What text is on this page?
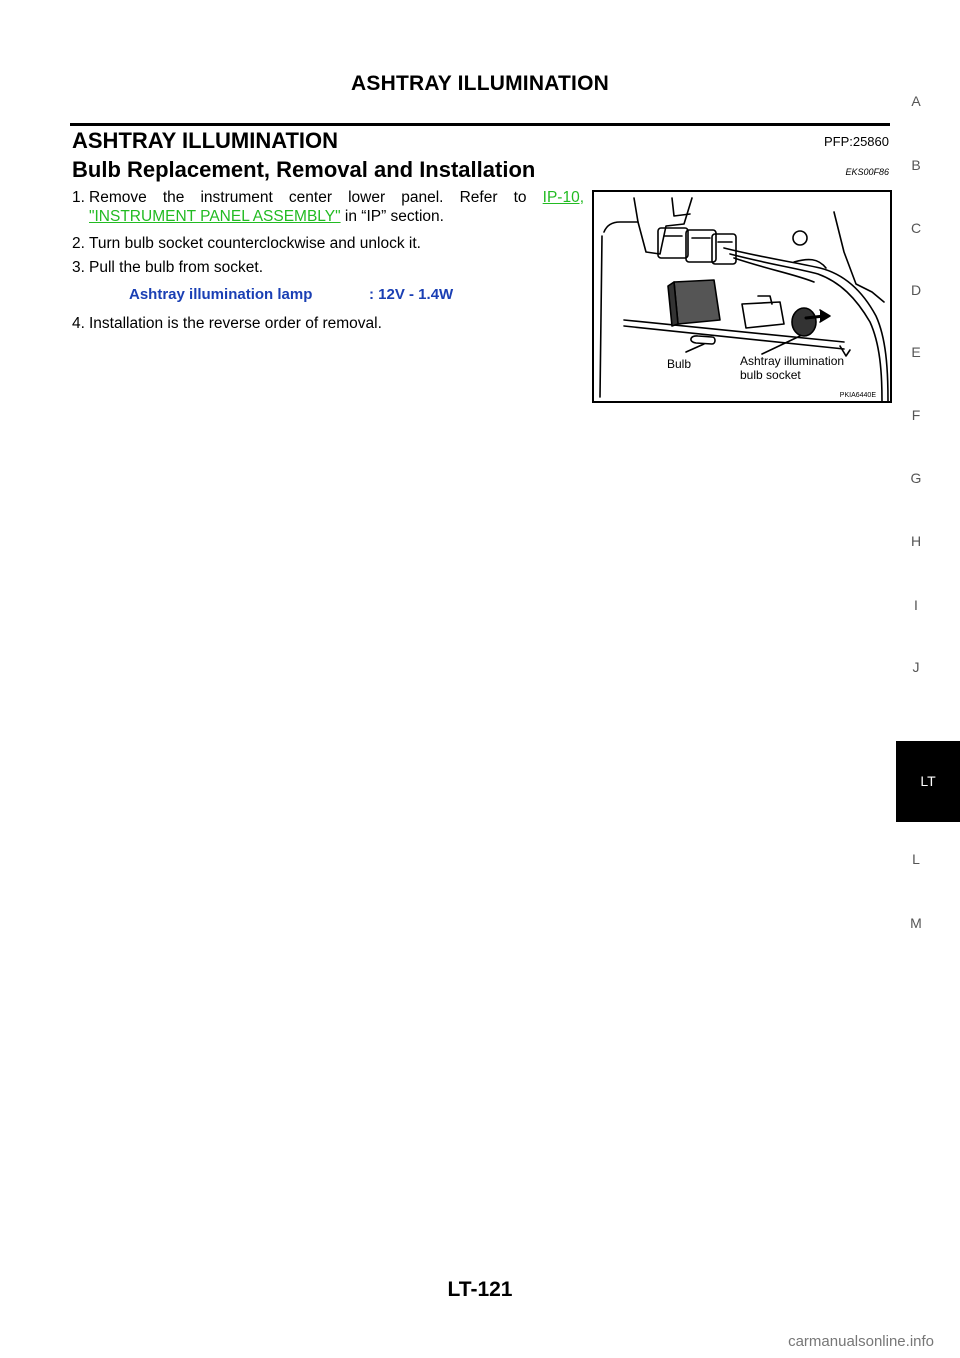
ASHTRAY ILLUMINATION
ASHTRAY ILLUMINATION	PFP:25860
Bulb Replacement, Removal and Installation	EKS00F86
1. Remove the instrument center lower panel. Refer to IP-10,
"INSTRUMENT PANEL ASSEMBLY" in “IP” section.
2. Turn bulb socket counterclockwise and unlock it.
3. Pull the bulb from socket.
4. Installation is the reverse order of removal.
Ashtray illumination lamp	: 12V - 1.4W
Bulb	Ashtray illumination
bulb socket
PKIA6440E
A
B
C
D
E
F
G
H
I
J
LT
L
M
LT-121
carmanualsonline.info
